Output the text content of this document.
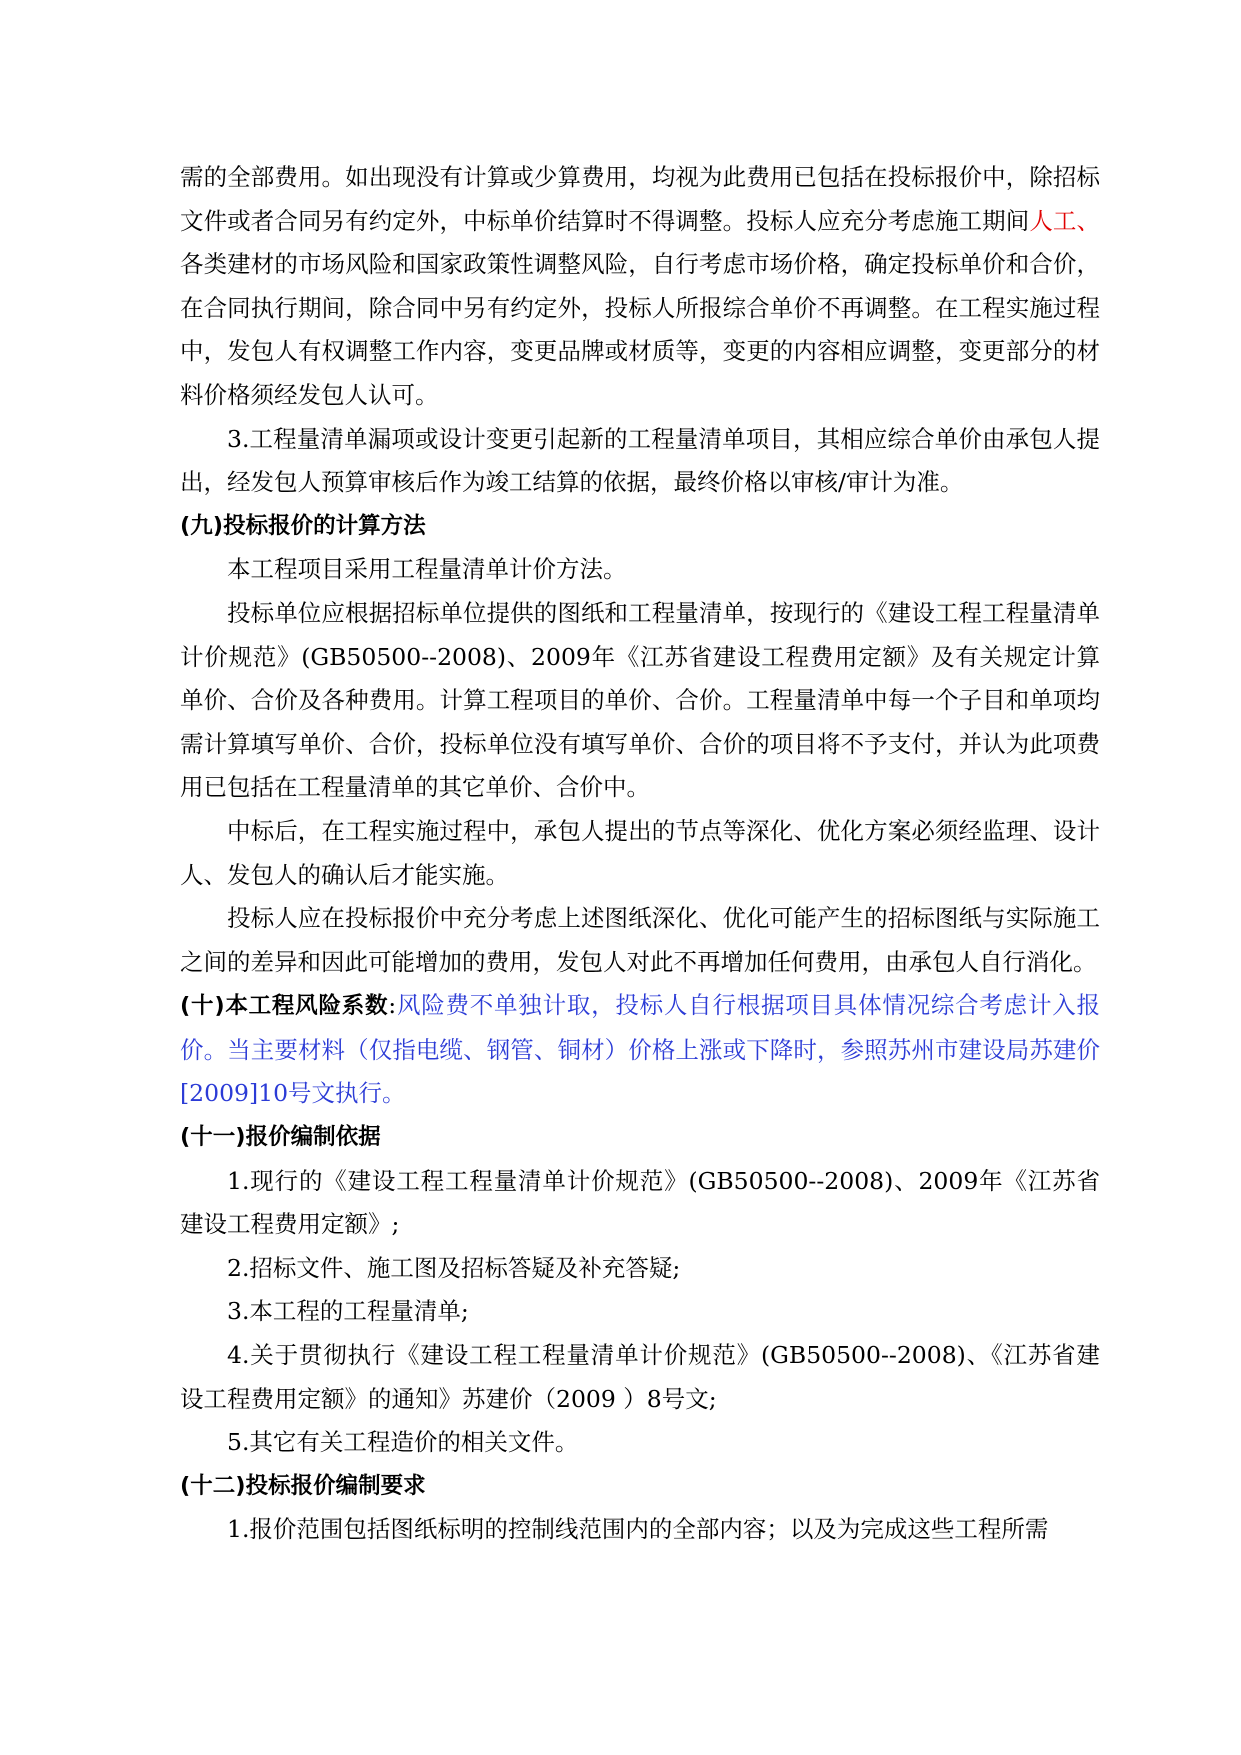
需的全部费用。如出现没有计算或少算费用，均视为此费用已包括在投标报价中，除招标文件或者合同另有约定外，中标单价结算时不得调整。投标人应充分考虑施工期间人工、各类建材的市场风险和国家政策性调整风险，自行考虑市场价格，确定投标单价和合价，在合同执行期间，除合同中另有约定外，投标人所报综合单价不再调整。在工程实施过程中，发包人有权调整工作内容，变更品牌或材质等，变更的内容相应调整，变更部分的材料价格须经发包人认可。

3.工程量清单漏项或设计变更引起新的工程量清单项目，其相应综合单价由承包人提出，经发包人预算审核后作为竣工结算的依据，最终价格以审核/审计为准。

(九)投标报价的计算方法

本工程项目采用工程量清单计价方法。

投标单位应根据招标单位提供的图纸和工程量清单，按现行的《建设工程工程量清单计价规范》(GB50500--2008)、2009年《江苏省建设工程费用定额》及有关规定计算单价、合价及各种费用。计算工程项目的单价、合价。工程量清单中每一个子目和单项均需计算填写单价、合价，投标单位没有填写单价、合价的项目将不予支付，并认为此项费用已包括在工程量清单的其它单价、合价中。

中标后，在工程实施过程中，承包人提出的节点等深化、优化方案必须经监理、设计人、发包人的确认后才能实施。

投标人应在投标报价中充分考虑上述图纸深化、优化可能产生的招标图纸与实际施工之间的差异和因此可能增加的费用，发包人对此不再增加任何费用，由承包人自行消化。

(十)本工程风险系数:风险费不单独计取，投标人自行根据项目具体情况综合考虑计入报价。当主要材料（仅指电缆、钢管、铜材）价格上涨或下降时，参照苏州市建设局苏建价[2009]10号文执行。

(十一)报价编制依据

1.现行的《建设工程工程量清单计价规范》(GB50500--2008)、2009年《江苏省建设工程费用定额》;

2.招标文件、施工图及招标答疑及补充答疑;

3.本工程的工程量清单;

4.关于贯彻执行《建设工程工程量清单计价规范》(GB50500--2008)、《江苏省建设工程费用定额》的通知》苏建价（2009 ）8号文;

5.其它有关工程造价的相关文件。

(十二)投标报价编制要求

1.报价范围包括图纸标明的控制线范围内的全部内容；以及为完成这些工程所需
